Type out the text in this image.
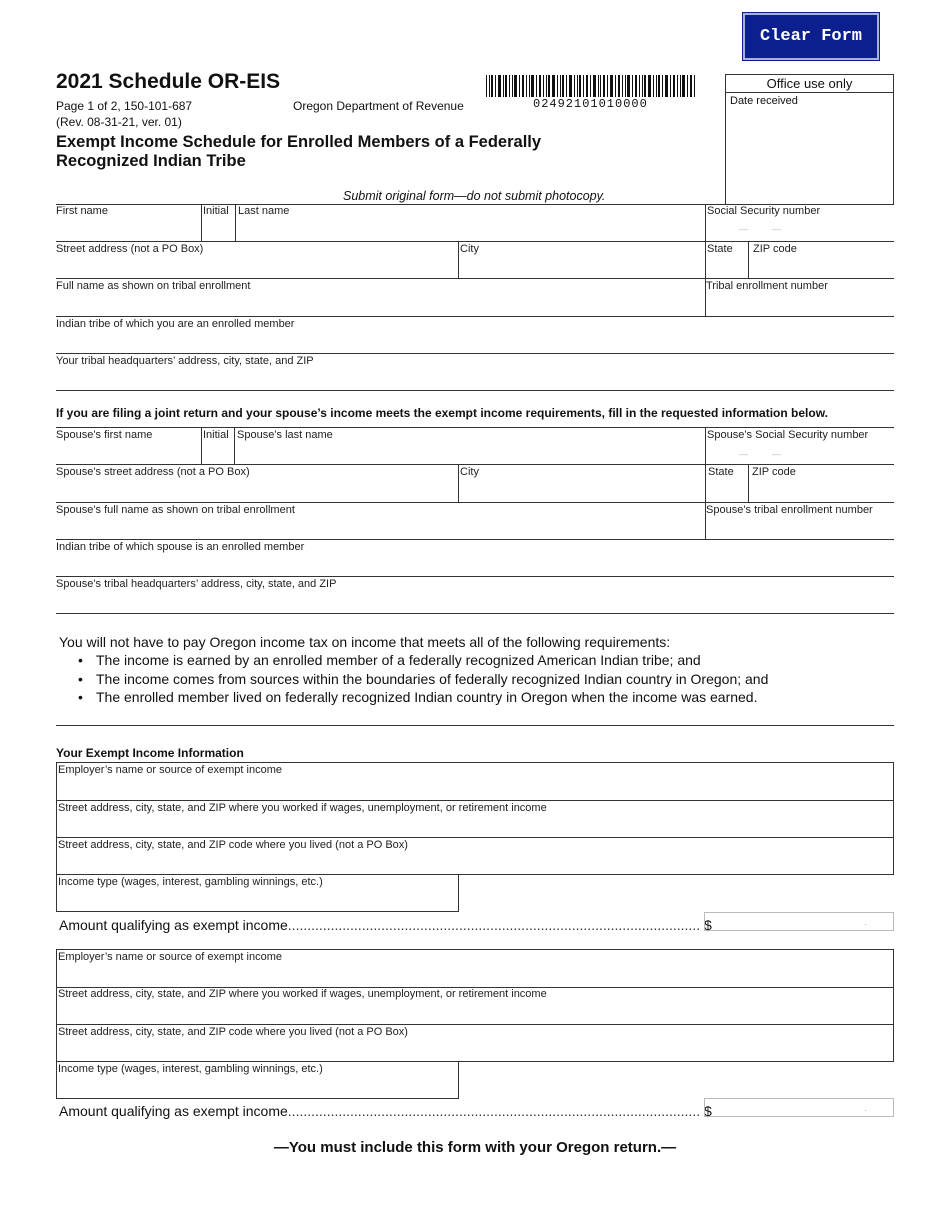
Clear Form
2021 Schedule OR-EIS
Page 1 of 2, 150-101-687
(Rev. 08-31-21, ver. 01)
Oregon Department of Revenue	02492101010000
Office use only
Date received
Exempt Income Schedule for Enrolled Members of a Federally
Recognized Indian Tribe
Submit original form—do not submit photocopy.
First name	Initial Last name	Social Security number
—	—
Street address (not a PO Box)	City	State ZIP code
Full name as shown on tribal enrollment	Tribal enrollment number
Indian tribe of which you are an enrolled member
Your tribal headquarters’ address, city, state, and ZIP
If you are filing a joint return and your spouse’s income meets the exempt income requirements, fill in the requested information below.
Spouse’s first name	Initial Spouse’s last name	Spouse’s Social Security number
—	—
Spouse’s street address (not a PO Box)	City	State ZIP code
Spouse’s full name as shown on tribal enrollment	Spouse’s tribal enrollment number
Indian tribe of which spouse is an enrolled member
Spouse’s tribal headquarters’ address, city, state, and ZIP
You will not have to pay Oregon income tax on income that meets all of the following requirements:
• The income is earned by an enrolled member of a federally recognized American Indian tribe; and
• The income comes from sources within the boundaries of federally recognized Indian country in Oregon; and
• The enrolled member lived on federally recognized Indian country in Oregon when the income was earned.
Your Exempt Income Information
Employer’s name or source of exempt income
Street address, city, state, and ZIP where you worked if wages, unemployment, or retirement income
Street address, city, state, and ZIP code where you lived (not a PO Box)
Income type (wages, interest, gambling winnings, etc.)
Amount qualifying as exempt income.......................................................................................................... $	.
Employer’s name or source of exempt income
Street address, city, state, and ZIP where you worked if wages, unemployment, or retirement income
Street address, city, state, and ZIP code where you lived (not a PO Box)
Income type (wages, interest, gambling winnings, etc.)
Amount qualifying as exempt income.......................................................................................................... $	.
—You must include this form with your Oregon return.—
